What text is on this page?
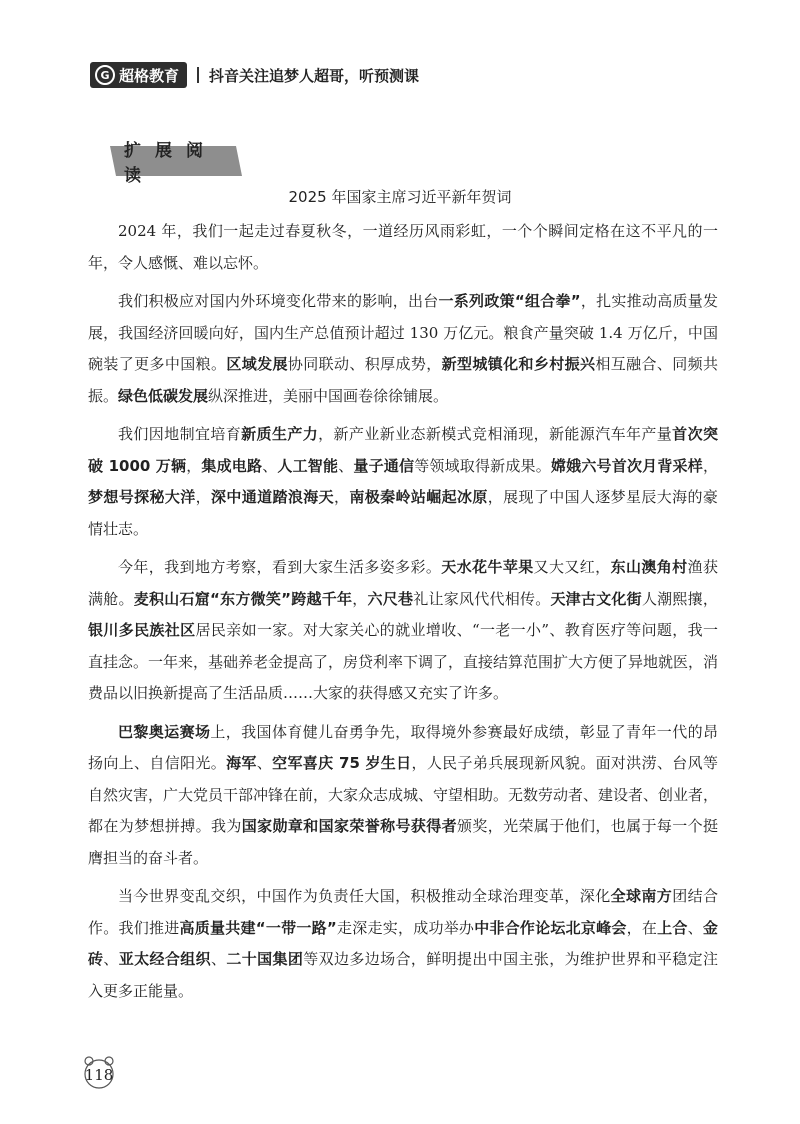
G 超格教育 抖音关注追梦人超哥，听预测课
扩展阅读
2025 年国家主席习近平新年贺词

2024 年，我们一起走过春夏秋冬，一道经历风雨彩虹，一个个瞬间定格在这不平凡的一年，令人感慨、难以忘怀。

我们积极应对国内外环境变化带来的影响，出台一系列政策“组合拳”，扎实推动高质量发展，我国经济回暖向好，国内生产总值预计超过 130 万亿元。粮食产量突破 1.4 万亿斤，中国碗装了更多中国粮。区域发展协同联动、积厚成势，新型城镇化和乡村振兴相互融合、同频共振。绿色低碳发展纵深推进，美丽中国画卷徐徐铺展。

我们因地制宜培育新质生产力，新产业新业态新模式竞相涌现，新能源汽车年产量首次突破 1000 万辆，集成电路、人工智能、量子通信等领域取得新成果。嫦娥六号首次月背采样，梦想号探秘大洋，深中通道踏浪海天，南极秦岭站崛起冰原，展现了中国人逐梦星辰大海的豪情壮志。

今年，我到地方考察，看到大家生活多姿多彩。天水花牛苹果又大又红，东山澳角村渔获满舱。麦积山石窟“东方微笑”跨越千年，六尺巷礼让家风代代相传。天津古文化街人潮熙攘，银川多民族社区居民亲如一家。对大家关心的就业增收、“一老一小”、教育医疗等问题，我一直挂念。一年来，基础养老金提高了，房贷利率下调了，直接结算范围扩大方便了异地就医，消费品以旧换新提高了生活品质……大家的获得感又充实了许多。

巴黎奥运赛场上，我国体育健儿奋勇争先，取得境外参赛最好成绩，彰显了青年一代的昂扬向上、自信阳光。海军、空军喜庆 75 岁生日，人民子弟兵展现新风貌。面对洪涝、台风等自然灾害，广大党员干部冲锋在前，大家众志成城、守望相助。无数劳动者、建设者、创业者，都在为梦想拼搏。我为国家勋章和国家荣誉称号获得者颁奖，光荣属于他们，也属于每一个挺膺担当的奋斗者。

当今世界变乱交织，中国作为负责任大国，积极推动全球治理变革，深化全球南方团结合作。我们推进高质量共建“一带一路”走深走实，成功举办中非合作论坛北京峰会，在上合、金砖、亚太经合组织、二十国集团等双边多边场合，鲜明提出中国主张，为维护世界和平稳定注入更多正能量。

118
